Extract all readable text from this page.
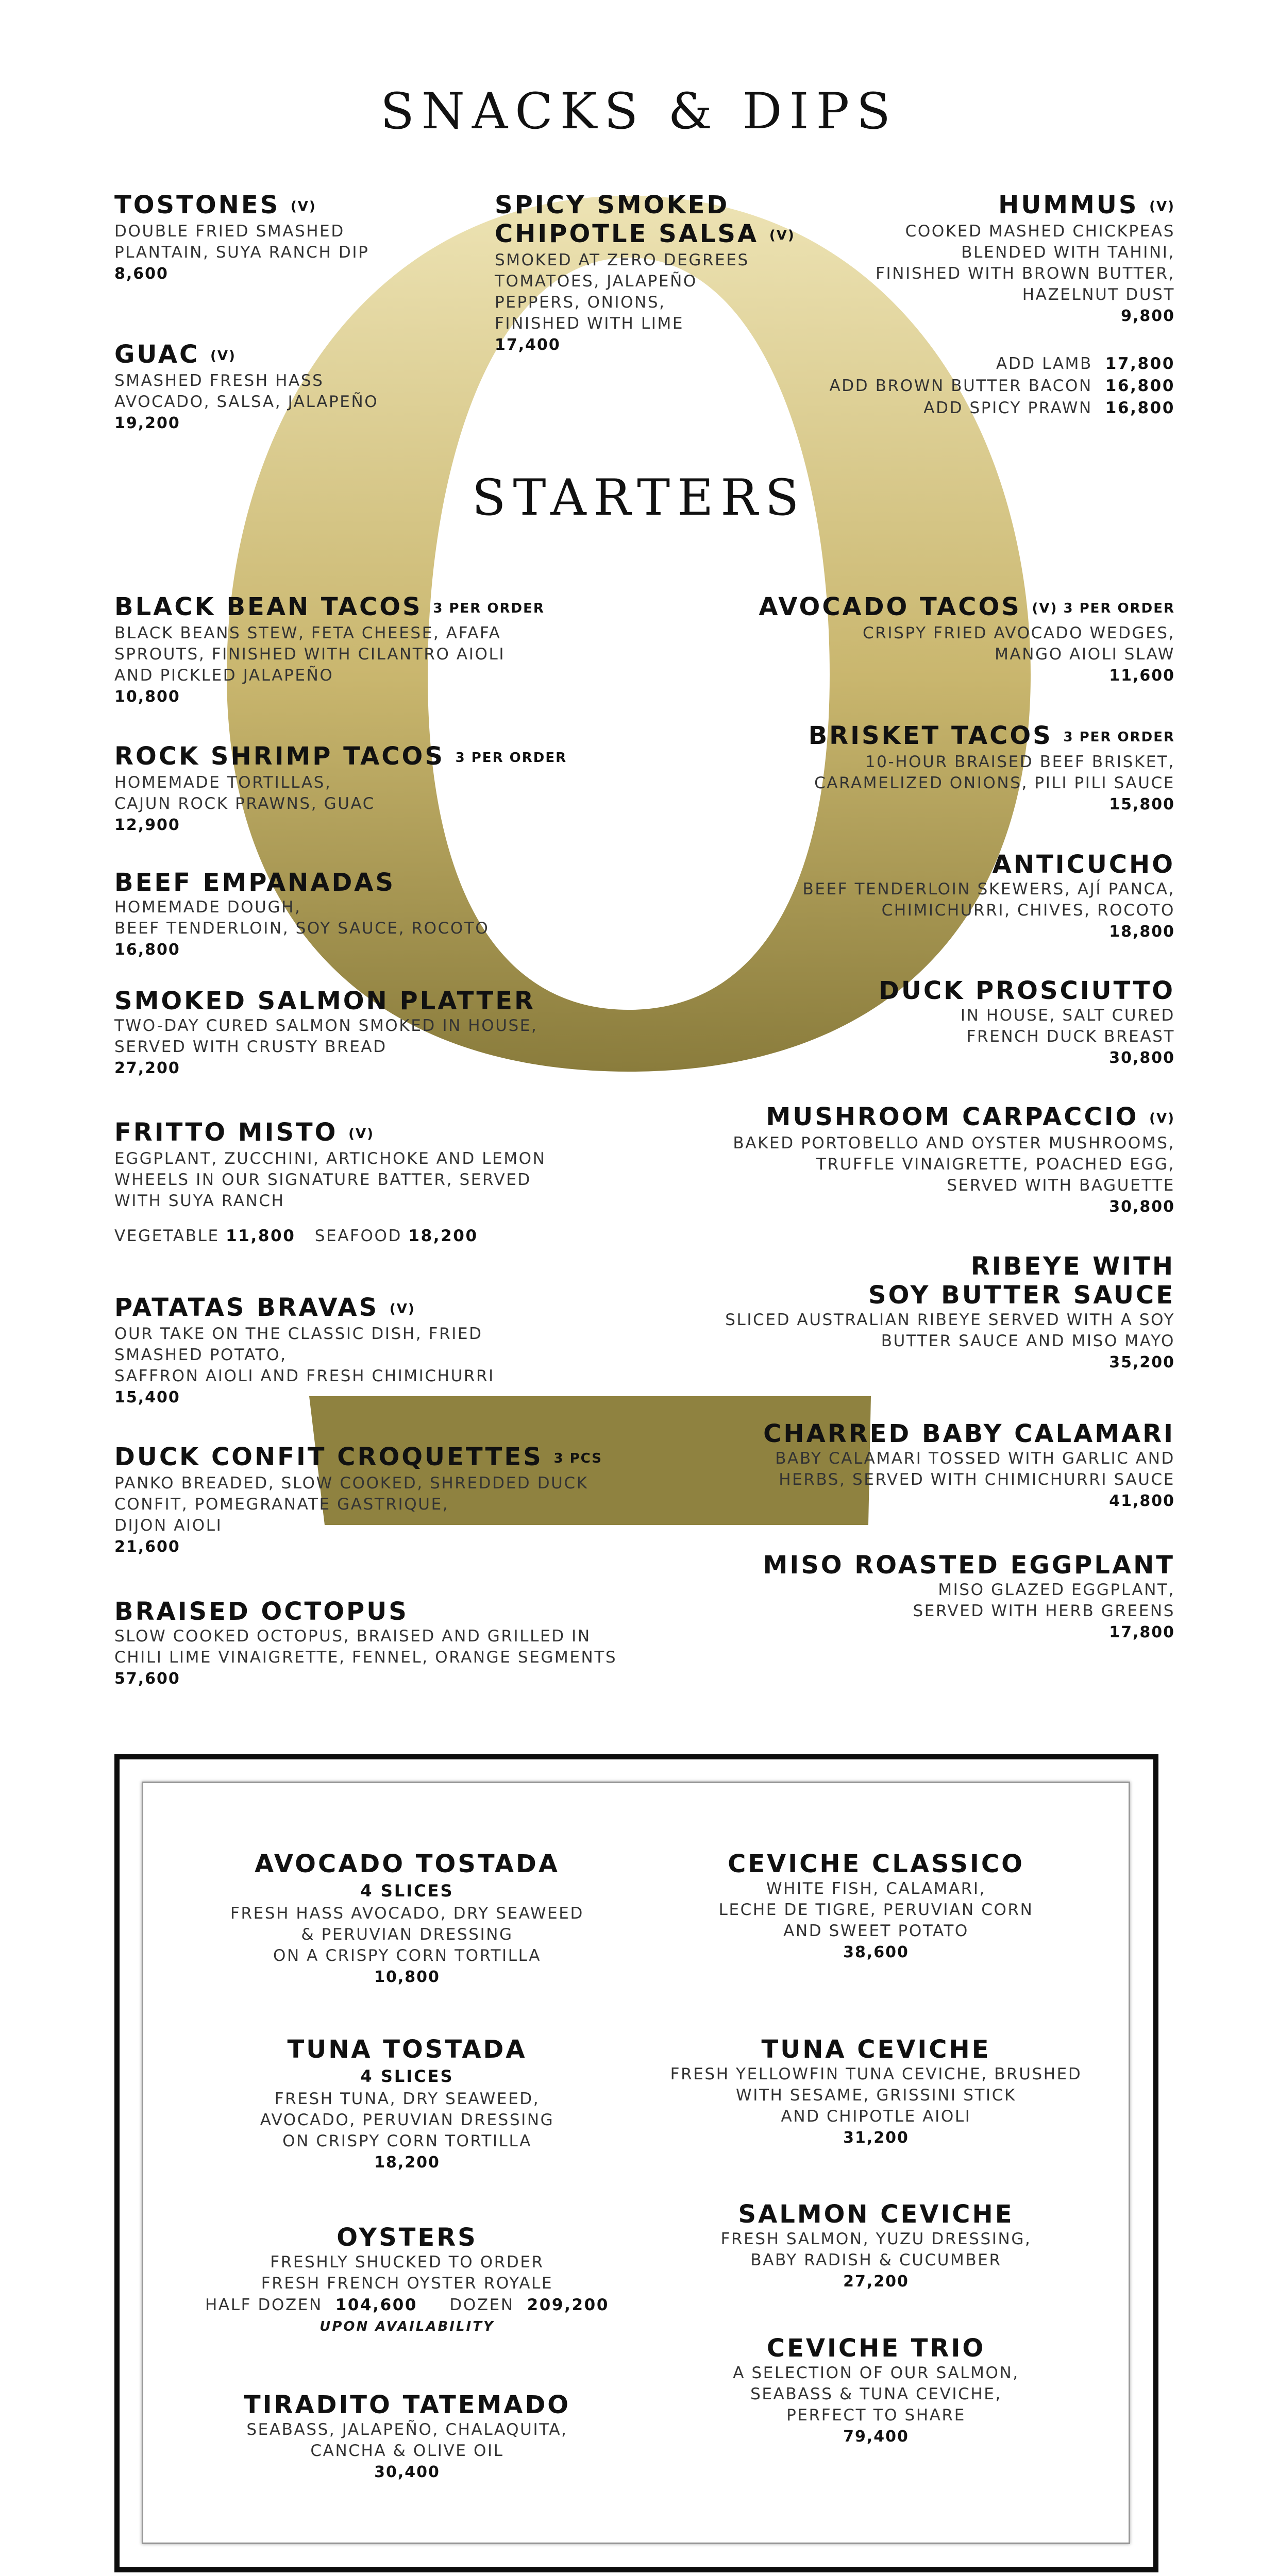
SNACKS & DIPS
TOSTONES (V)
DOUBLE FRIED SMASHED
PLANTAIN, SUYA RANCH DIP
8,600
GUAC (V)
SMASHED FRESH HASS
AVOCADO, SALSA, JALAPEÑO
19,200
SPICY SMOKED
CHIPOTLE SALSA (V)
SMOKED AT ZERO DEGREES
TOMATOES, JALAPEÑO
PEPPERS, ONIONS,
FINISHED WITH LIME
17,400
HUMMUS (V)
COOKED MASHED CHICKPEAS
BLENDED WITH TAHINI,
FINISHED WITH BROWN BUTTER,
HAZELNUT DUST
9,800
ADD LAMB 17,800
ADD BROWN BUTTER BACON 16,800
ADD SPICY PRAWN 16,800
STARTERS
BLACK BEAN TACOS 3 PER ORDER
BLACK BEANS STEW, FETA CHEESE, AFAFA
SPROUTS, FINISHED WITH CILANTRO AIOLI
AND PICKLED JALAPEÑO
10,800
ROCK SHRIMP TACOS 3 PER ORDER
HOMEMADE TORTILLAS,
CAJUN ROCK PRAWNS, GUAC
12,900
BEEF EMPANADAS
HOMEMADE DOUGH,
BEEF TENDERLOIN, SOY SAUCE, ROCOTO
16,800
SMOKED SALMON PLATTER
TWO-DAY CURED SALMON SMOKED IN HOUSE,
SERVED WITH CRUSTY BREAD
27,200
FRITTO MISTO (V)
EGGPLANT, ZUCCHINI, ARTICHOKE AND LEMON
WHEELS IN OUR SIGNATURE BATTER, SERVED
WITH SUYA RANCH
VEGETABLE 11,800 SEAFOOD 18,200
PATATAS BRAVAS (V)
OUR TAKE ON THE CLASSIC DISH, FRIED
SMASHED POTATO,
SAFFRON AIOLI AND FRESH CHIMICHURRI
15,400
DUCK CONFIT CROQUETTES 3 PCS
PANKO BREADED, SLOW COOKED, SHREDDED DUCK
CONFIT, POMEGRANATE GASTRIQUE,
DIJON AIOLI
21,600
BRAISED OCTOPUS
SLOW COOKED OCTOPUS, BRAISED AND GRILLED IN
CHILI LIME VINAIGRETTE, FENNEL, ORANGE SEGMENTS
57,600
AVOCADO TACOS (V) 3 PER ORDER
CRISPY FRIED AVOCADO WEDGES,
MANGO AIOLI SLAW
11,600
BRISKET TACOS 3 PER ORDER
10-HOUR BRAISED BEEF BRISKET,
CARAMELIZED ONIONS, PILI PILI SAUCE
15,800
ANTICUCHO
BEEF TENDERLOIN SKEWERS, AJÍ PANCA,
CHIMICHURRI, CHIVES, ROCOTO
18,800
DUCK PROSCIUTTO
IN HOUSE, SALT CURED
FRENCH DUCK BREAST
30,800
MUSHROOM CARPACCIO (V)
BAKED PORTOBELLO AND OYSTER MUSHROOMS,
TRUFFLE VINAIGRETTE, POACHED EGG,
SERVED WITH BAGUETTE
30,800
RIBEYE WITH
SOY BUTTER SAUCE
SLICED AUSTRALIAN RIBEYE SERVED WITH A SOY
BUTTER SAUCE AND MISO MAYO
35,200
CHARRED BABY CALAMARI
BABY CALAMARI TOSSED WITH GARLIC AND
HERBS, SERVED WITH CHIMICHURRI SAUCE
41,800
MISO ROASTED EGGPLANT
MISO GLAZED EGGPLANT,
SERVED WITH HERB GREENS
17,800
AVOCADO TOSTADA
4 SLICES
FRESH HASS AVOCADO, DRY SEAWEED
& PERUVIAN DRESSING
ON A CRISPY CORN TORTILLA
10,800
TUNA TOSTADA
4 SLICES
FRESH TUNA, DRY SEAWEED,
AVOCADO, PERUVIAN DRESSING
ON CRISPY CORN TORTILLA
18,200
OYSTERS
FRESHLY SHUCKED TO ORDER
FRESH FRENCH OYSTER ROYALE
HALF DOZEN 104,600 DOZEN 209,200
UPON AVAILABILITY
TIRADITO TATEMADO
SEABASS, JALAPEÑO, CHALAQUITA,
CANCHA & OLIVE OIL
30,400
CEVICHE CLASSICO
WHITE FISH, CALAMARI,
LECHE DE TIGRE, PERUVIAN CORN
AND SWEET POTATO
38,600
TUNA CEVICHE
FRESH YELLOWFIN TUNA CEVICHE, BRUSHED
WITH SESAME, GRISSINI STICK
AND CHIPOTLE AIOLI
31,200
SALMON CEVICHE
FRESH SALMON, YUZU DRESSING,
BABY RADISH & CUCUMBER
27,200
CEVICHE TRIO
A SELECTION OF OUR SALMON,
SEABASS & TUNA CEVICHE,
PERFECT TO SHARE
79,400
